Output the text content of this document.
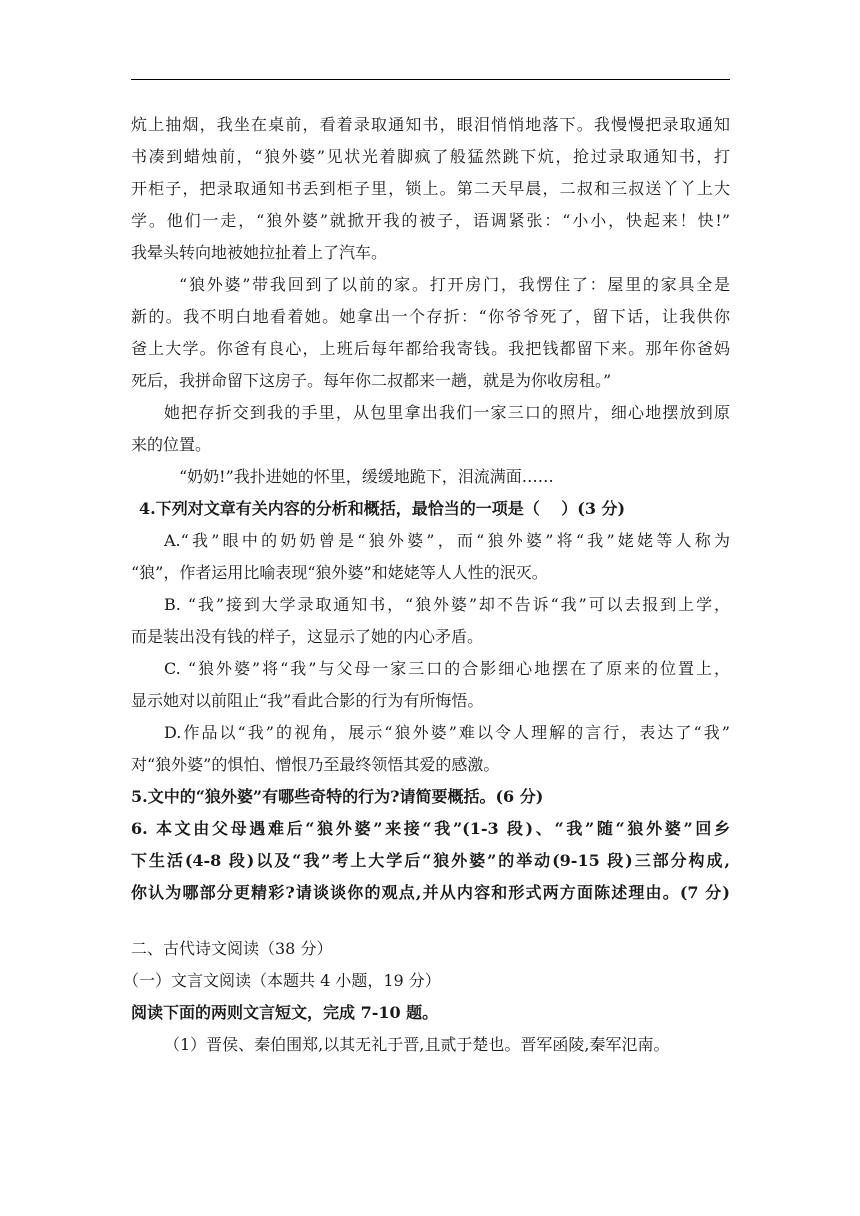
炕上抽烟，我坐在桌前，看着录取通知书，眼泪悄悄地落下。我慢慢把录取通知
书凑到蜡烛前，“狼外婆”见状光着脚疯了般猛然跳下炕，抢过录取通知书，打
开柜子，把录取通知书丢到柜子里，锁上。第二天早晨，二叔和三叔送丫丫上大
学。他们一走，“狼外婆”就掀开我的被子，语调紧张：“小小，快起来！快!”
我晕头转向地被她拉扯着上了汽车。
“狼外婆”带我回到了以前的家。打开房门，我愣住了：屋里的家具全是
新的。我不明白地看着她。她拿出一个存折：“你爷爷死了，留下话，让我供你
爸上大学。你爸有良心，上班后每年都给我寄钱。我把钱都留下来。那年你爸妈
死后，我拼命留下这房子。每年你二叔都来一趟，就是为你收房租。”
她把存折交到我的手里，从包里拿出我们一家三口的照片，细心地摆放到原
来的位置。
“奶奶!”我扑进她的怀里，缓缓地跪下，泪流满面……
4.下列对文章有关内容的分析和概括，最恰当的一项是（　 ）(3 分)
A.“我”眼中的奶奶曾是“狼外婆”，而“狼外婆”将“我”姥姥等人称为
“狼”，作者运用比喻表现“狼外婆”和姥姥等人人性的泯灭。
B. “我”接到大学录取通知书，“狼外婆”却不告诉“我”可以去报到上学，
而是装出没有钱的样子，这显示了她的内心矛盾。
C. “狼外婆”将“我”与父母一家三口的合影细心地摆在了原来的位置上，
显示她对以前阻止“我”看此合影的行为有所悔悟。
D.作品以“我”的视角，展示“狼外婆”难以令人理解的言行，表达了“我”
对“狼外婆”的惧怕、憎恨乃至最终领悟其爱的感激。
5.文中的“狼外婆”有哪些奇特的行为?请简要概括。(6 分)
6. 本文由父母遇难后“狼外婆”来接“我”(1-3 段)、“我”随“狼外婆”回乡
下生活(4-8 段)以及“我”考上大学后“狼外婆”的举动(9-15 段)三部分构成,
你认为哪部分更精彩?请谈谈你的观点,并从内容和形式两方面陈述理由。(7 分)
二、古代诗文阅读（38 分）
（一）文言文阅读（本题共 4 小题，19 分）
阅读下面的两则文言短文，完成 7-10 题。
（1）晋侯、秦伯围郑,以其无礼于晋,且贰于楚也。晋军函陵,秦军氾南。
